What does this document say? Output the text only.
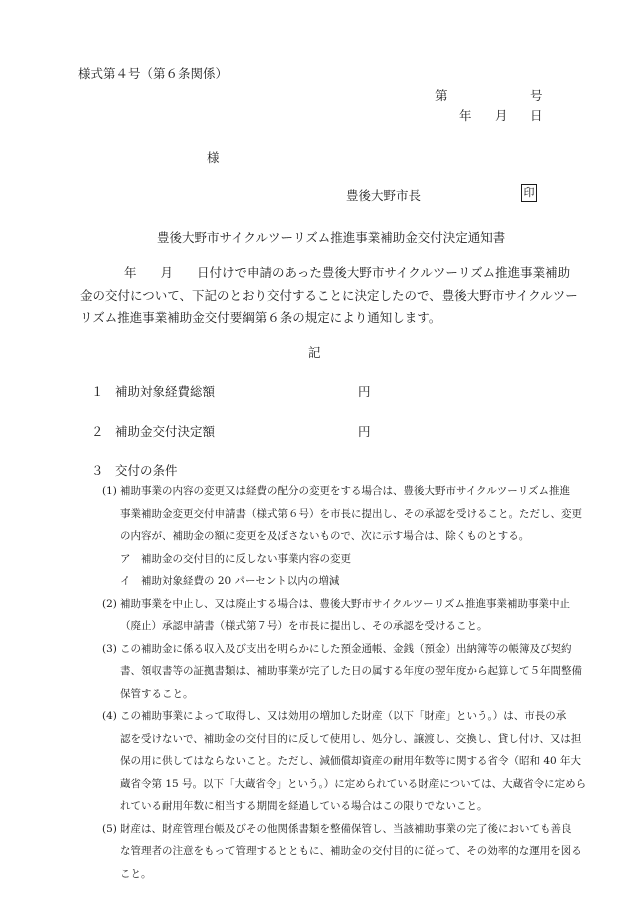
様式第４号（第６条関係）
第	号
年 月 日
様
豊後大野市長	印
豊後大野市サイクルツーリズム推進事業補助金交付決定通知書
年 月 日付けで申請のあった豊後大野市サイクルツーリズム推進事業補助
金の交付について、下記のとおり交付することに決定したので、豊後大野市サイクルツー
リズム推進事業補助金交付要綱第６条の規定により通知します。
記
１ 補助対象経費総額	円
２ 補助金交付決定額	円
３ 交付の条件
(1) 補助事業の内容の変更又は経費の配分の変更をする場合は、豊後大野市サイクルツーリズム推進
事業補助金変更交付申請書（様式第６号）を市長に提出し、その承認を受けること。ただし、変更
の内容が、補助金の額に変更を及ぼさないもので、次に示す場合は、除くものとする。
ア　補助金の交付目的に反しない事業内容の変更
イ　補助対象経費の 20 パーセント以内の増減
(2) 補助事業を中止し、又は廃止する場合は、豊後大野市サイクルツーリズム推進事業補助事業中止
（廃止）承認申請書（様式第７号）を市長に提出し、その承認を受けること。
(3) この補助金に係る収入及び支出を明らかにした預金通帳、金銭（預金）出納簿等の帳簿及び契約
書、領収書等の証拠書類は、補助事業が完了した日の属する年度の翌年度から起算して５年間整備
保管すること。
(4) この補助事業によって取得し、又は効用の増加した財産（以下「財産」という。）は、市長の承
認を受けないで、補助金の交付目的に反して使用し、処分し、譲渡し、交換し、貸し付け、又は担
保の用に供してはならないこと。ただし、減価償却資産の耐用年数等に関する省令（昭和 40 年大
蔵省令第 15 号。以下「大蔵省令」という。）に定められている財産については、大蔵省令に定めら
れている耐用年数に相当する期間を経過している場合はこの限りでないこと。
(5) 財産は、財産管理台帳及びその他関係書類を整備保管し、当該補助事業の完了後においても善良
な管理者の注意をもって管理するとともに、補助金の交付目的に従って、その効率的な運用を図る
こと。
